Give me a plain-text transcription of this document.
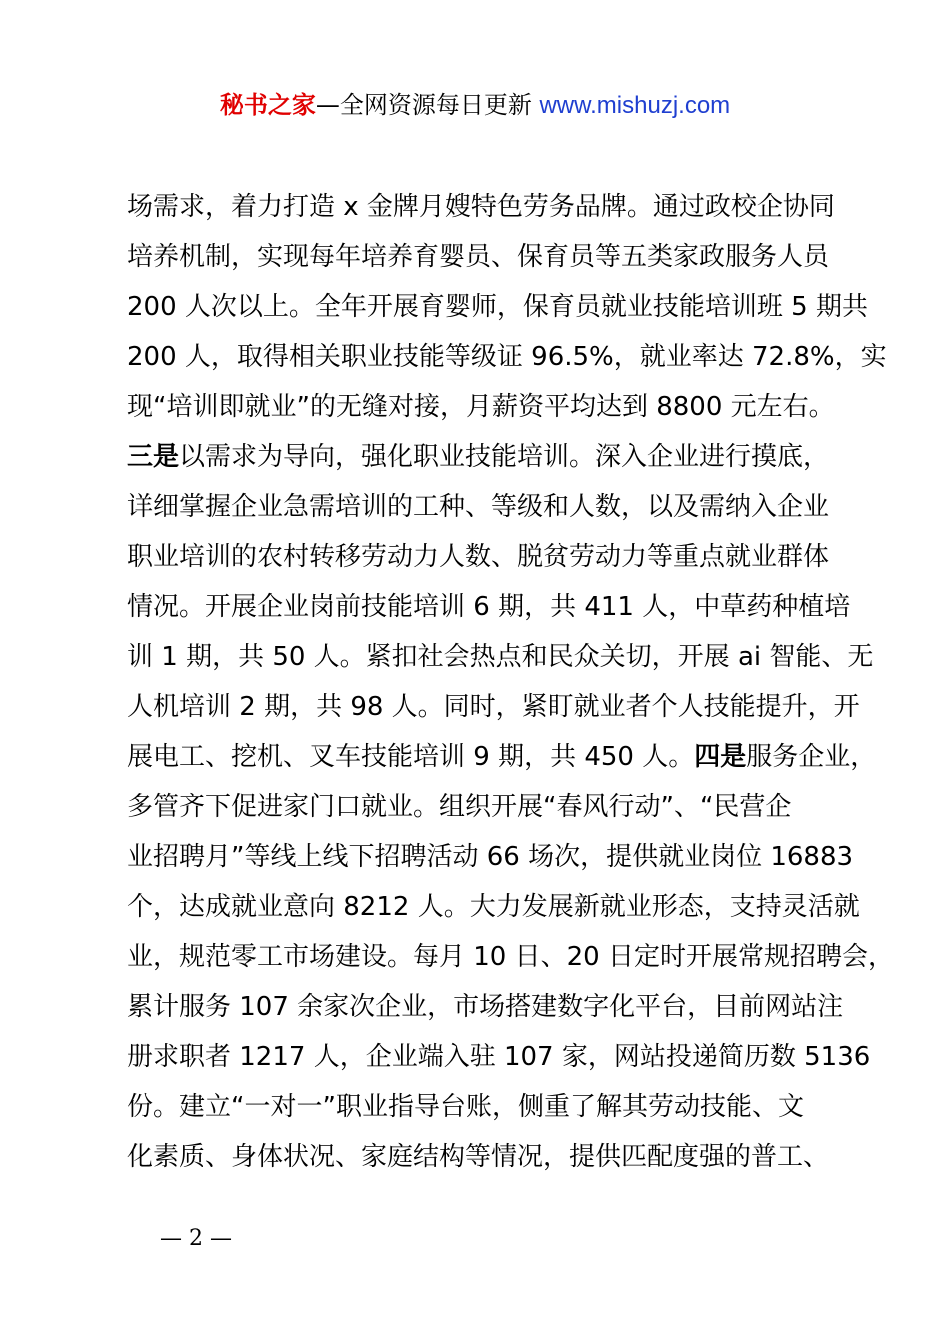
秘书之家—全网资源每日更新 www.mishuzj.com
场需求，着力打造 x 金牌月嫂特色劳务品牌。通过政校企协同
培养机制，实现每年培养育婴员、保育员等五类家政服务人员
200 人次以上。全年开展育婴师，保育员就业技能培训班 5 期共
200 人，取得相关职业技能等级证 96.5%，就业率达 72.8%，实
现“培训即就业”的无缝对接，月薪资平均达到 8800 元左右。
三是以需求为导向，强化职业技能培训。深入企业进行摸底，
详细掌握企业急需培训的工种、等级和人数，以及需纳入企业
职业培训的农村转移劳动力人数、脱贫劳动力等重点就业群体
情况。开展企业岗前技能培训 6 期，共 411 人，中草药种植培
训 1 期，共 50 人。紧扣社会热点和民众关切，开展 ai 智能、无
人机培训 2 期，共 98 人。同时，紧盯就业者个人技能提升，开
展电工、挖机、叉车技能培训 9 期，共 450 人。四是服务企业，
多管齐下促进家门口就业。组织开展“春风行动”、“民营企
业招聘月”等线上线下招聘活动 66 场次，提供就业岗位 16883
个，达成就业意向 8212 人。大力发展新就业形态，支持灵活就
业，规范零工市场建设。每月 10 日、20 日定时开展常规招聘会，
累计服务 107 余家次企业，市场搭建数字化平台，目前网站注
册求职者 1217 人，企业端入驻 107 家，网站投递简历数 5136
份。建立“一对一”职业指导台账，侧重了解其劳动技能、文
化素质、身体状况、家庭结构等情况，提供匹配度强的普工、
— 2 —
